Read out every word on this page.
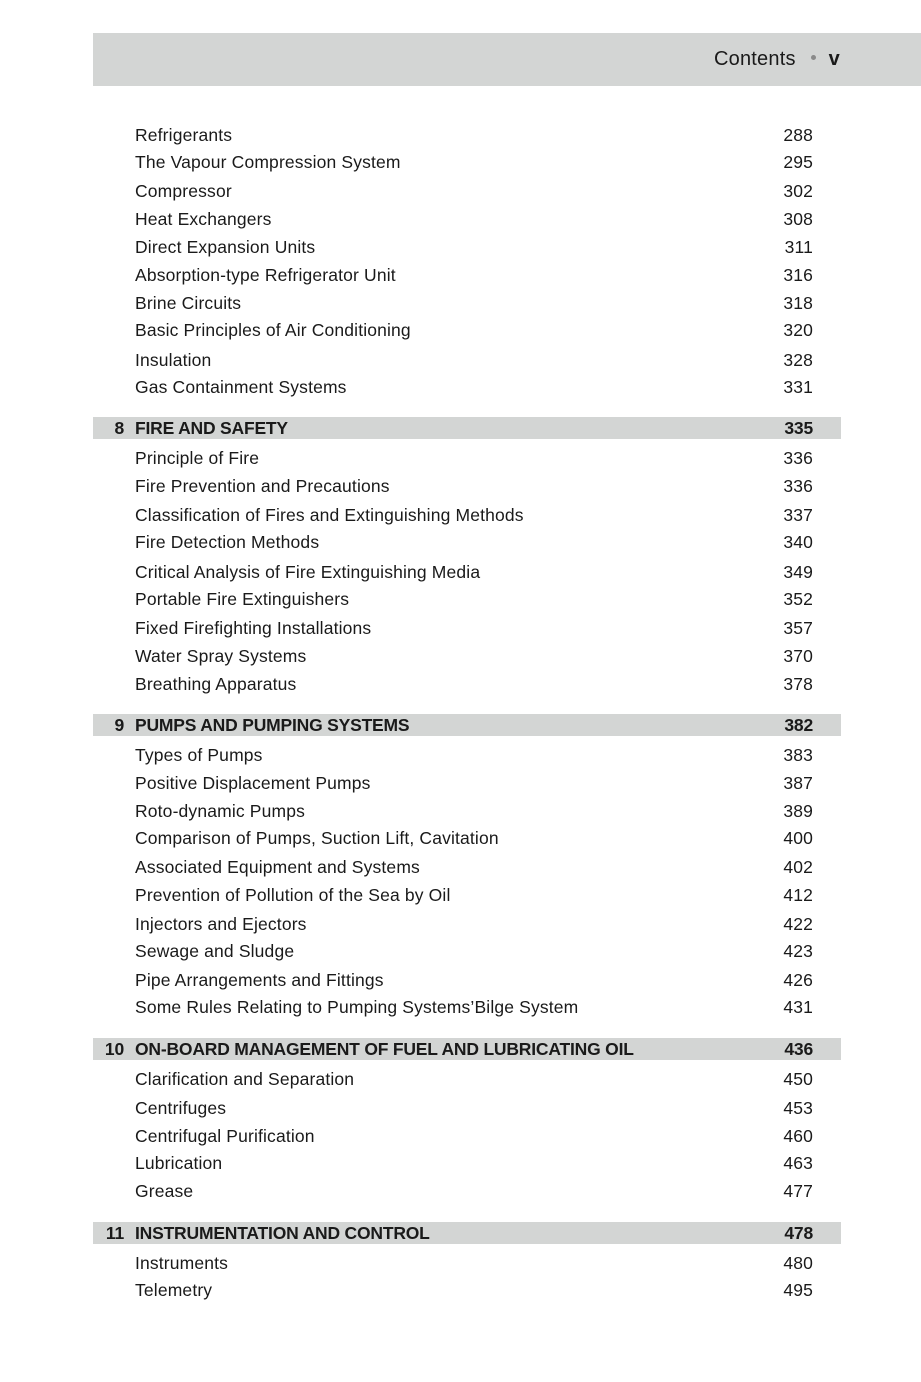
Contents v
Refrigerants	288
The Vapour Compression System	295
Compressor	302
Heat Exchangers	308
Direct Expansion Units	311
Absorption-type Refrigerator Unit	316
Brine Circuits	318
Basic Principles of Air Conditioning	320
Insulation	328
Gas Containment Systems	331
8 FIRE AND SAFETY	335
Principle of Fire	336
Fire Prevention and Precautions	336
Classification of Fires and Extinguishing Methods	337
Fire Detection Methods	340
Critical Analysis of Fire Extinguishing Media	349
Portable Fire Extinguishers	352
Fixed Firefighting Installations	357
Water Spray Systems	370
Breathing Apparatus	378
9 PUMPS AND PUMPING SYSTEMS	382
Types of Pumps	383
Positive Displacement Pumps	387
Roto-dynamic Pumps	389
Comparison of Pumps, Suction Lift, Cavitation	400
Associated Equipment and Systems	402
Prevention of Pollution of the Sea by Oil	412
Injectors and Ejectors	422
Sewage and Sludge	423
Pipe Arrangements and Fittings	426
Some Rules Relating to Pumping Systems’Bilge System	431
10 ON-BOARD MANAGEMENT OF FUEL AND LUBRICATING OIL	436
Clarification and Separation	450
Centrifuges	453
Centrifugal Purification	460
Lubrication	463
Grease	477
11 INSTRUMENTATION AND CONTROL	478
Instruments	480
Telemetry	495
